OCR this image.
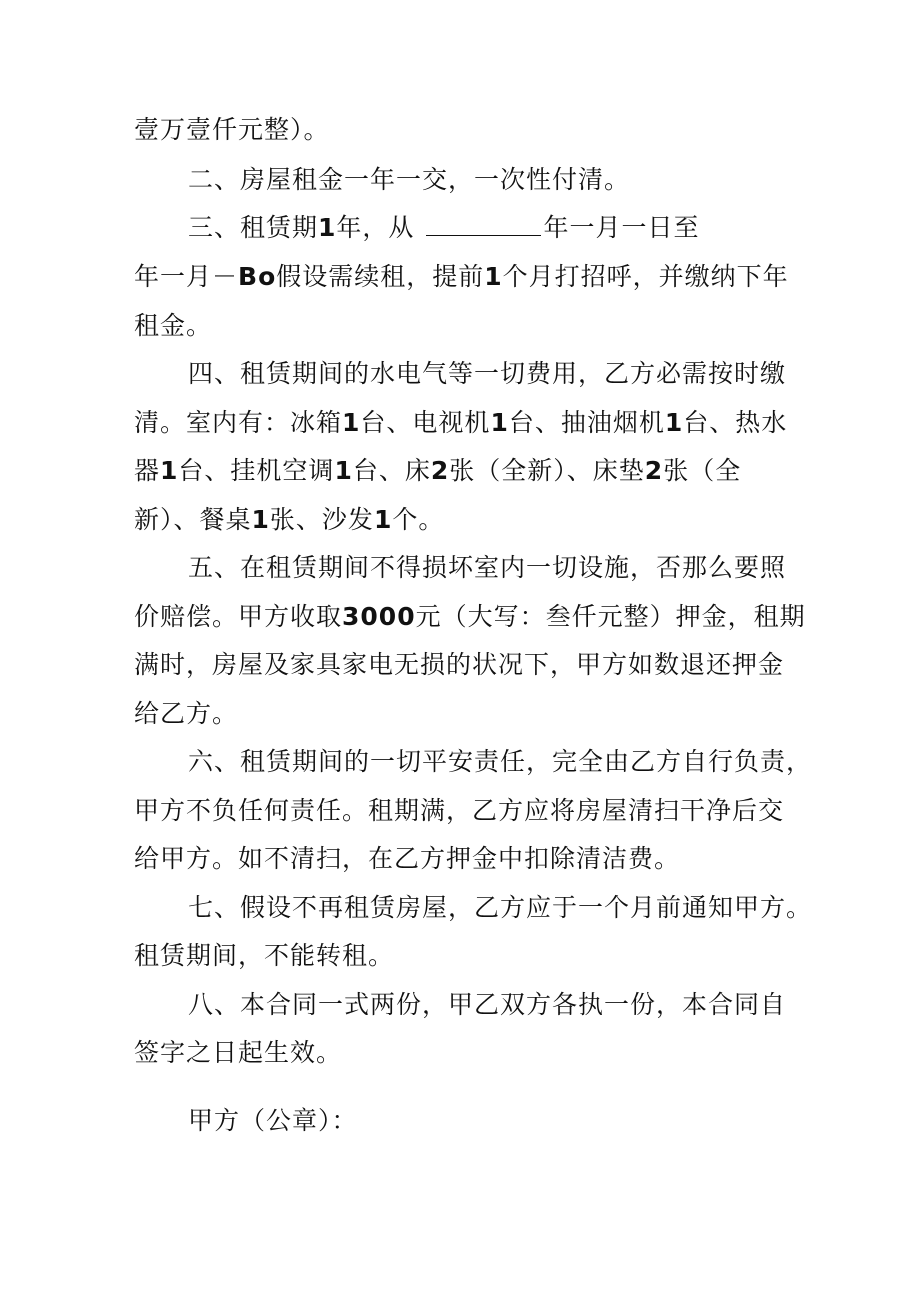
壹万壹仟元整）。
二、房屋租金一年一交，一次性付清。
三、租赁期1年，从	年一月一日至
年一月－Bo假设需续租，提前1个月打招呼，并缴纳下年
租金。
四、租赁期间的水电气等一切费用，乙方必需按时缴
清。室内有：冰箱1台、电视机1台、抽油烟机1台、热水
器1台、挂机空调1台、床2张（全新）、床垫2张（全
新）、餐桌1张、沙发1个。
五、在租赁期间不得损坏室内一切设施，否那么要照
价赔偿。甲方收取3000元（大写：叁仟元整）押金，租期
满时，房屋及家具家电无损的状况下，甲方如数退还押金
给乙方。
六、租赁期间的一切平安责任，完全由乙方自行负责，
甲方不负任何责任。租期满，乙方应将房屋清扫干净后交
给甲方。如不清扫，在乙方押金中扣除清洁费。
七、假设不再租赁房屋，乙方应于一个月前通知甲方。
租赁期间，不能转租。
八、本合同一式两份，甲乙双方各执一份，本合同自
签字之日起生效。
甲方（公章）：
